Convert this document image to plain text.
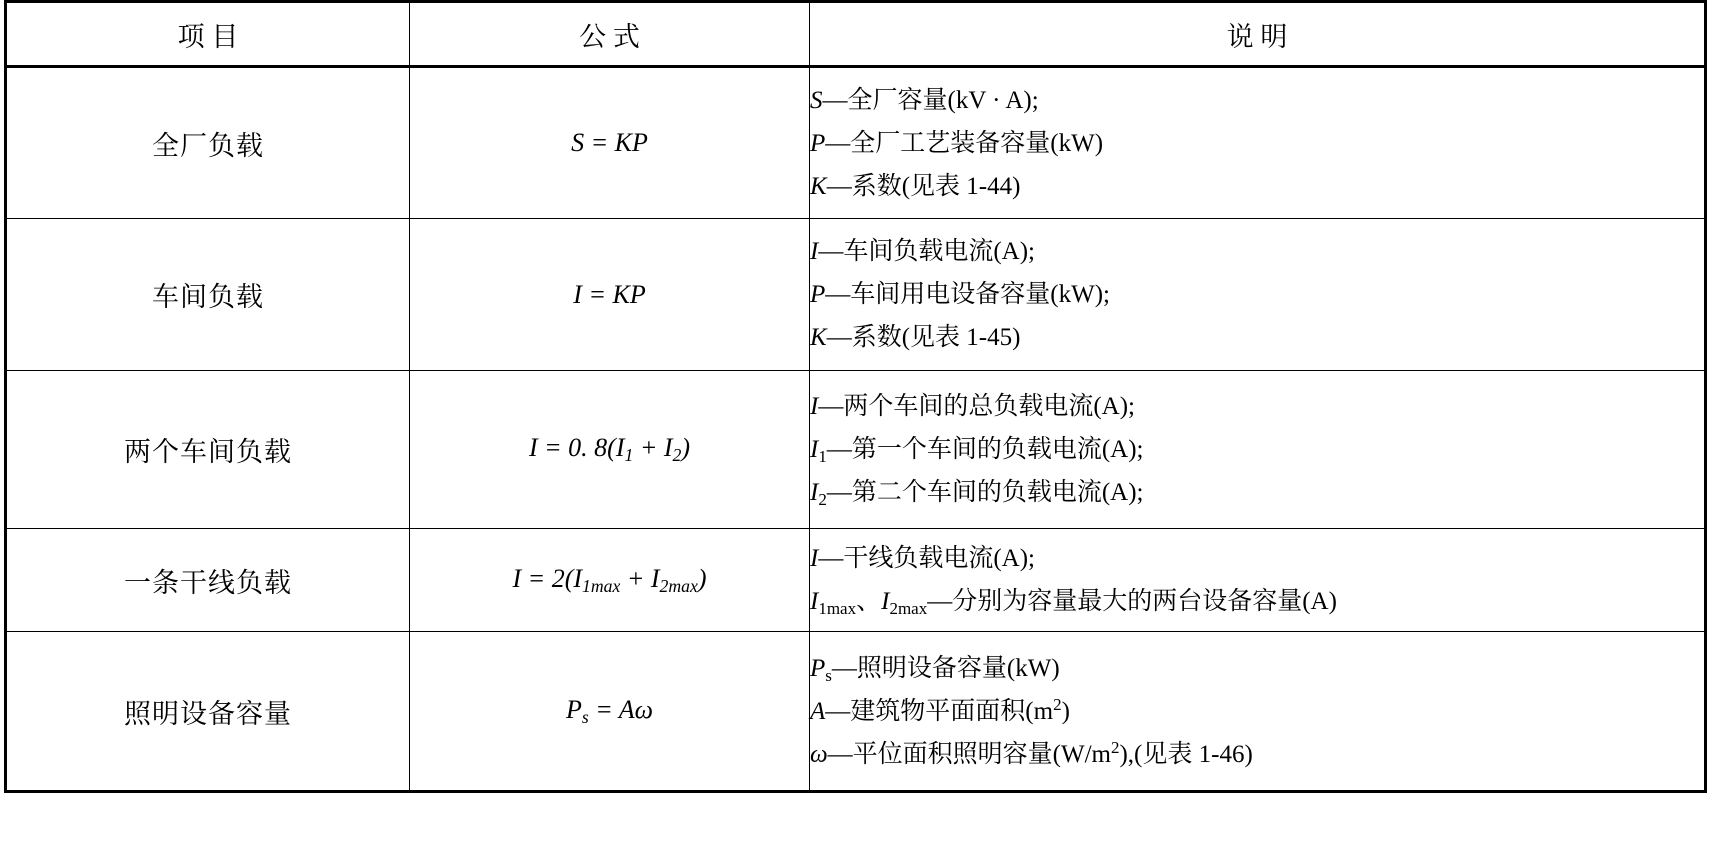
项 目	公 式	说 明
全厂负载	S = KP	S—全厂容量(kV · A);
P—全厂工艺装备容量(kW)
K—系数(见表 1-44)

车间负载	I = KP	I—车间负载电流(A);
P—车间用电设备容量(kW);
K—系数(见表 1-45)

两个车间负载	I = 0. $8(I_1 + I_2)$	I—两个车间的总负载电流(A);
$I_1—$第一个车间的负载电流(A);
$I_2—$第二个车间的负载电流(A);

一条干线负载	$I = 2(I_{1max} + I_{2max})$	I—干线负载电流(A);
$I_{1max}$、$I_{2max}—$分别为容量最大的两台设备容量(A)

照明设备容量	$P_s = A\omega$	$P_s—$照明设备容量(kW)
A—建筑物平面面积$(m^2)$
ω—平位面积照明容量$(W/m^2)$,(见表 1-46)
